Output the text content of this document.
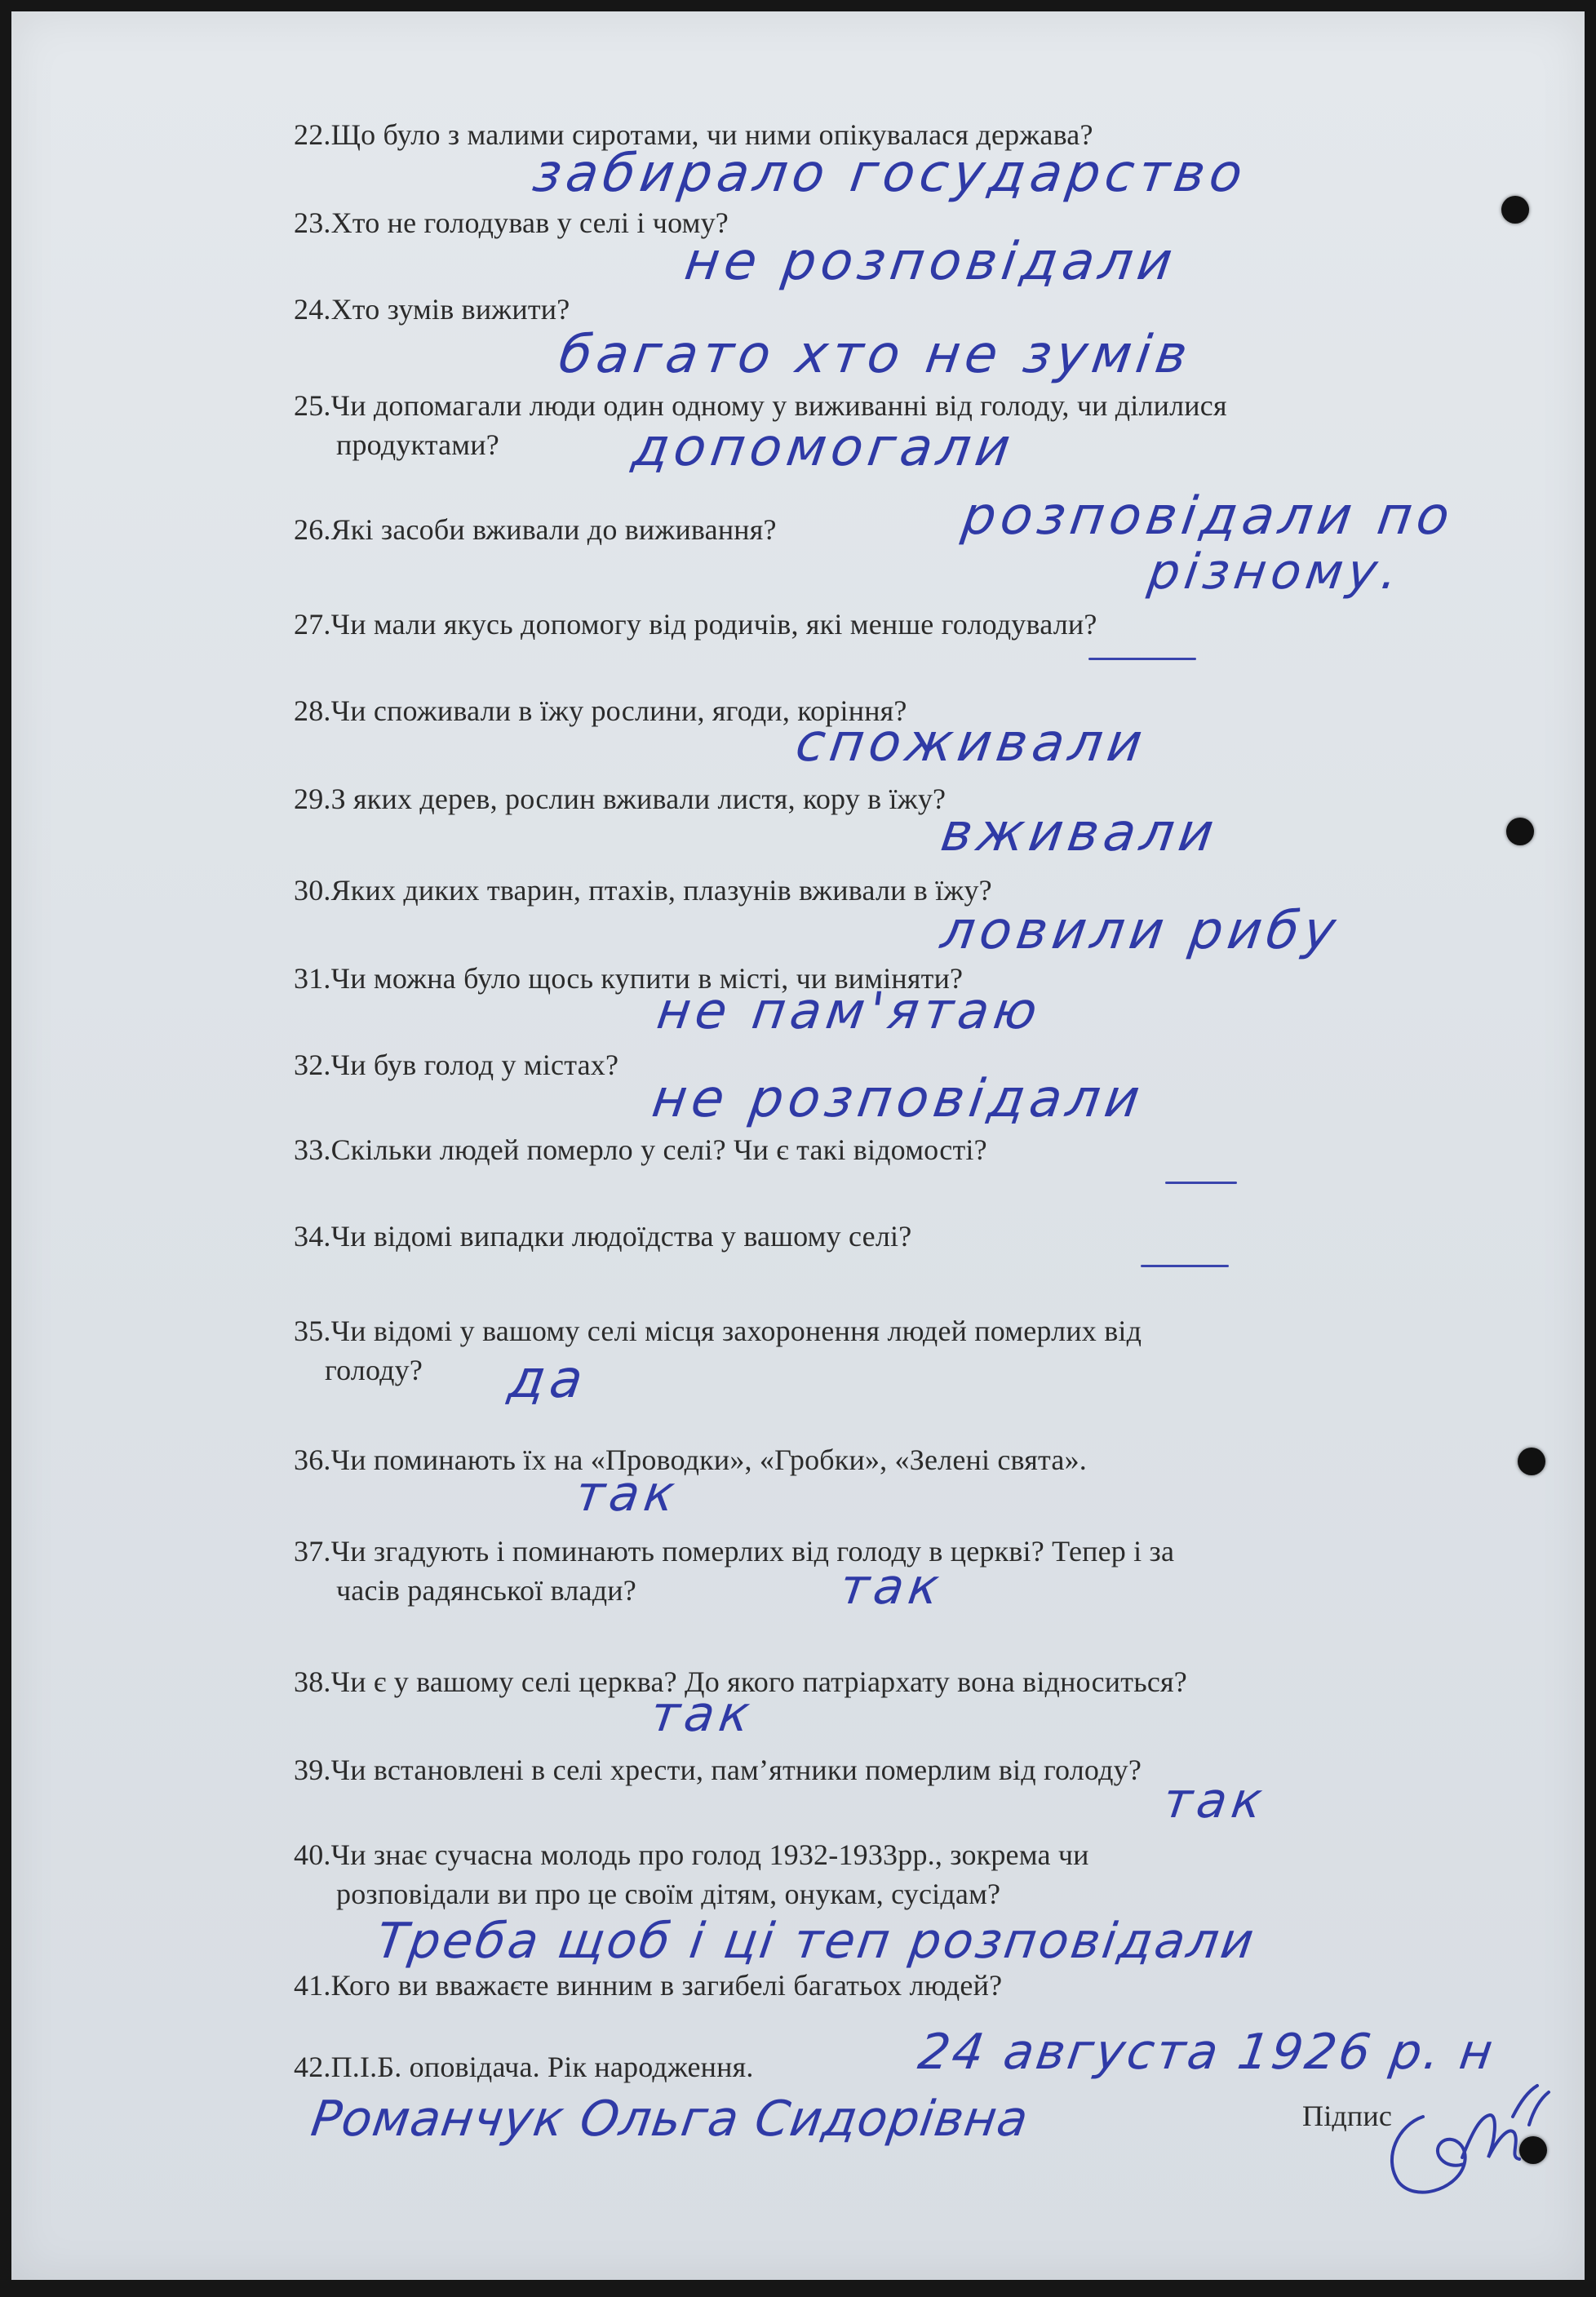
22.Що було з малими сиротами, чи ними опікувалася держава?
23.Хто не голодував у селі і чому?
24.Хто зумів вижити?
25.Чи допомагали люди один одному у виживанні від голоду, чи ділилися
продуктами?
26.Які засоби вживали до виживання?
27.Чи мали якусь допомогу від родичів, які менше голодували?
28.Чи споживали в їжу рослини, ягоди, коріння?
29.З яких дерев, рослин вживали листя, кору в їжу?
30.Яких диких тварин, птахів, плазунів вживали в їжу?
31.Чи можна було щось купити в місті, чи виміняти?
32.Чи був голод у містах?
33.Скільки людей померло у селі? Чи є такі відомості?
34.Чи відомі випадки людоїдства у вашому селі?
35.Чи відомі у вашому селі місця захоронення людей померлих від
голоду?
36.Чи поминають їх на «Проводки», «Гробки», «Зелені свята».
37.Чи згадують і поминають померлих від голоду в церкві? Тепер і за
часів радянської влади?
38.Чи є у вашому селі церква? До якого патріархату вона відноситься?
39.Чи встановлені в селі хрести, пам’ятники померлим від голоду?
40.Чи знає сучасна молодь про голод 1932-1933рр., зокрема чи
розповідали ви про це своїм дітям, онукам, сусідам?
41.Кого ви вважаєте винним в загибелі багатьох людей?
42.П.І.Б. оповідача. Рік народження.
Підпис
забирало государство
не розповідали
багато хто не зумів
допомогали
розповідали по
різному.
споживали
вживали
ловили рибу
не пам'ятаю
не розповідали
да
так
так
так
так
Треба щоб і ці теп розповідали
24 августа 1926 р. н
Романчук Ольга Сидорівна
